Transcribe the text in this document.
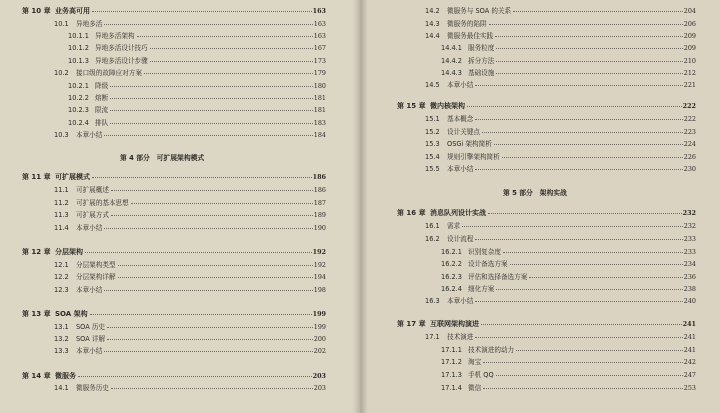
第 10 章 业务高可用	163
10.1	异地多活	163
10.1.1 异地多活架构	163
10.1.2 异地多活设计技巧	167
10.1.3 异地多活设计步骤	173
10.2	接口级的故障应对方案	179
10.2.1 降级	180
10.2.2 熔断	181
10.2.3 限流	181
10.2.4 排队	183
10.3	本章小结	184
第 4 部分　可扩展架构模式
第 11 章 可扩展模式	186
11.1	可扩展概述	186
11.2	可扩展的基本思想	187
11.3	可扩展方式	189
11.4	本章小结	190
第 12 章 分层架构	192
12.1	分层架构类型	192
12.2	分层架构详解	194
12.3	本章小结	198
第 13 章 SOA 架构	199
13.1	SOA 历史	199
13.2	SOA 详解	200
13.3	本章小结	202
第 14 章 微服务	203
14.1	微服务历史	203
14.2	微服务与 SOA 的关系	204
14.3	微服务的陷阱	206
14.4	微服务最佳实践	209
14.4.1 服务粒度	209
14.4.2 拆分方法	210
14.4.3 基础设施	212
14.5	本章小结	221
第 15 章 微内核架构	222
15.1	基本概念	222
15.2	设计关键点	223
15.3	OSGi 架构简析	224
15.4	规则引擎架构简析	226
15.5	本章小结	230
第 5 部分　架构实战
第 16 章 消息队列设计实战	232
16.1	需求	232
16.2	设计流程	233
16.2.1 识别复杂度	233
16.2.2 设计备选方案	234
16.2.3 评估和选择备选方案	236
16.2.4 细化方案	238
16.3	本章小结	240
第 17 章 互联网架构演进	241
17.1	技术演进	241
17.1.1 技术演进的动力	241
17.1.2 淘宝	242
17.1.3 手机 QQ	247
17.1.4 微信	253
